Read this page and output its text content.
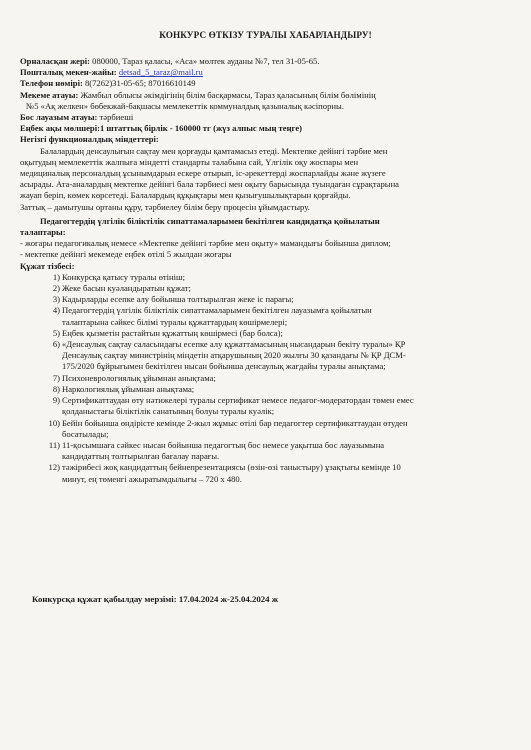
КОНКУРС ӨТКІЗУ ТУРАЛЫ ХАБАРЛАНДЫРУ!
Орналасқан жері: 080000, Тараз қаласы, «Аса» мөлтек ауданы №7, тел 31-05-65.
Пошталық мекен-жайы: detsad_5_taraz@mail.ru
Телефон нөмірі: 8(7262)31-05-65; 87016610149
Мекеме атауы: Жамбыл облысы әкімдігінің білім басқармасы, Тараз қаласының білім бөлімінің
№5 «Ақ желкен» бөбекжай-бақшасы мемлекеттік коммуналдық қазыналық кәсіпорны.
Бос лауазым атауы: тәрбиеші
Еңбек ақы мөлшері:1 штаттық бірлік - 160000 тг (жүз алпыс мың теңге)
Негізгі функционалдық міндеттері:
Балалардың денсаулығын сақтау мен қорғауды қамтамасыз етеді. Мектепке дейінгі тәрбие мен
оқытудың мемлекеттік жалпыға міндетті стандарты талабына сай, Үлгілік оқу жоспары мен
медициналық персоналдың ұсынымдарын ескере отырып, іс-әрекеттерді жоспарлайды және жүзеге
асырады. Ата-аналардың мектепке дейінгі бала тәрбиесі мен оқыту барысында туындаған сұрақтарына
жауап беріп, көмек көрсетеді. Балалардың құқықтары мен қызығушылықтарын қорғайды.
Заттық – дамытушы ортаны құру, тәрбиелеу білім беру процесін ұйымдастыру.
Педагогтердің үлгілік біліктілік сипаттамаларымен бекітілген кандидатқа қойылатын
талаптары:
- жоғары педагогикалық немесе «Мектепке дейінгі тәрбие мен оқыту» мамандығы бойынша диплом;
- мектепке дейінгі мекемеде еңбек өтілі 5 жылдан жоғары
Құжат тізбесі:
1) Конкурсқа қатысу туралы өтініш;
2) Жеке басын куәландыратын құжат;
3) Кадырларды есепке алу бойынша толтырылған жеке іс парағы;
4) Педагогтердің үлгілік біліктілік сипаттамаларымен бекітілген лауазымға қойылатын
талаптарына сәйкес білімі туралы құжаттардың көшірмелері;
5) Еңбек қызметін растайтын құжаттың көшірмесі (бар болса);
6) «Денсаулық сақтау саласындағы есепке алу құжаттамасының нысандарын бекіту туралы» ҚР
Денсаулық сақтау министрінің міндетін атқарушының 2020 жылғы 30 қазандағы № ҚР ДСМ-
175/2020 бұйрығымен бекітілген нысан бойынша денсаулық жағдайы туралы анықтама;
7) Психоневрологиялық ұйымнан анықтама;
8) Наркологиялық ұйымнан анықтама;
9) Сертификаттаудан өту нәтижелері туралы сертификат немесе педагог-модератордан төмен емес
қолданыстағы біліктілік санатының болуы туралы куәлік;
10) Бейін бойынша өндірісте кемінде 2-жыл жұмыс өтілі бар педагогтер сертификаттаудан өтуден
босатылады;
11) 11-қосымшаға сәйкес нысан бойынша педагогтың бос немесе уақытша бос лауазымына
кандидаттың толтырылған бағалау парағы.
12) тәжірибесі жоқ кандидаттың бейнепрезентациясы (өзін-өзі таныстыру) ұзақтығы кемінде 10
минут, ең төменгі ажыратымдылығы – 720 x 480.
Конкурсқа құжат қабылдау мерзімі: 17.04.2024 ж-25.04.2024 ж
